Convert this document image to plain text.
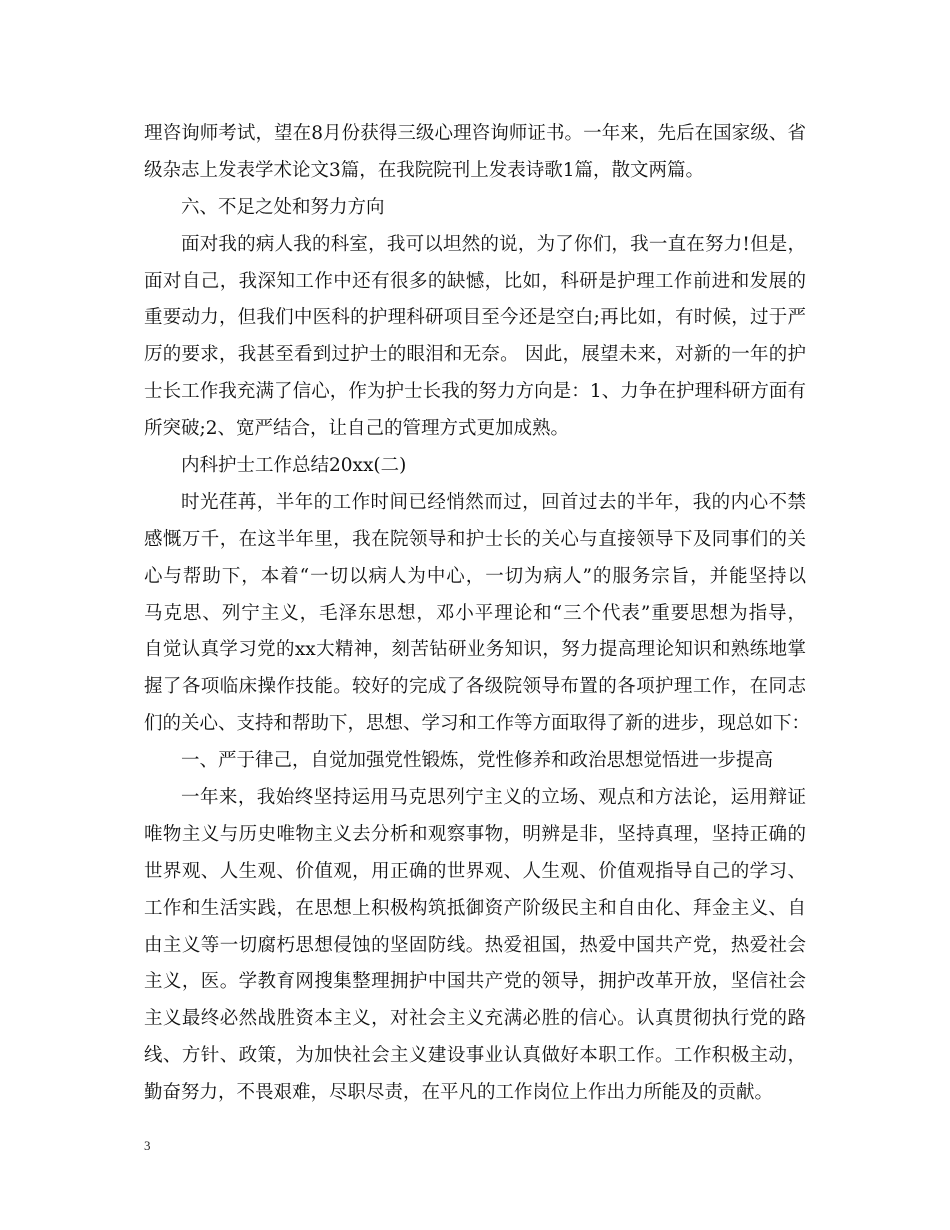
理咨询师考试，望在8月份获得三级心理咨询师证书。一年来，先后在国家级、省
级杂志上发表学术论文3篇，在我院院刊上发表诗歌1篇，散文两篇。
六、不足之处和努力方向
面对我的病人我的科室，我可以坦然的说，为了你们，我一直在努力!但是，
面对自己，我深知工作中还有很多的缺憾，比如，科研是护理工作前进和发展的
重要动力，但我们中医科的护理科研项目至今还是空白;再比如，有时候，过于严
厉的要求，我甚至看到过护士的眼泪和无奈。 因此，展望未来，对新的一年的护
士长工作我充满了信心，作为护士长我的努力方向是：1、力争在护理科研方面有
所突破;2、宽严结合，让自己的管理方式更加成熟。
内科护士工作总结20xx(二)
时光荏苒，半年的工作时间已经悄然而过，回首过去的半年，我的内心不禁
感慨万千，在这半年里，我在院领导和护士长的关心与直接领导下及同事们的关
心与帮助下，本着“一切以病人为中心，一切为病人”的服务宗旨，并能坚持以
马克思、列宁主义，毛泽东思想，邓小平理论和“三个代表”重要思想为指导，
自觉认真学习党的xx大精神，刻苦钻研业务知识，努力提高理论知识和熟练地掌
握了各项临床操作技能。较好的完成了各级院领导布置的各项护理工作，在同志
们的关心、支持和帮助下，思想、学习和工作等方面取得了新的进步，现总如下：
一、严于律己，自觉加强党性锻炼，党性修养和政治思想觉悟进一步提高
一年来，我始终坚持运用马克思列宁主义的立场、观点和方法论，运用辩证
唯物主义与历史唯物主义去分析和观察事物，明辨是非，坚持真理，坚持正确的
世界观、人生观、价值观，用正确的世界观、人生观、价值观指导自己的学习、
工作和生活实践，在思想上积极构筑抵御资产阶级民主和自由化、拜金主义、自
由主义等一切腐朽思想侵蚀的坚固防线。热爱祖国，热爱中国共产党，热爱社会
主义，医。学教育网搜集整理拥护中国共产党的领导，拥护改革开放，坚信社会
主义最终必然战胜资本主义，对社会主义充满必胜的信心。认真贯彻执行党的路
线、方针、政策，为加快社会主义建设事业认真做好本职工作。工作积极主动，
勤奋努力，不畏艰难，尽职尽责，在平凡的工作岗位上作出力所能及的贡献。
3
